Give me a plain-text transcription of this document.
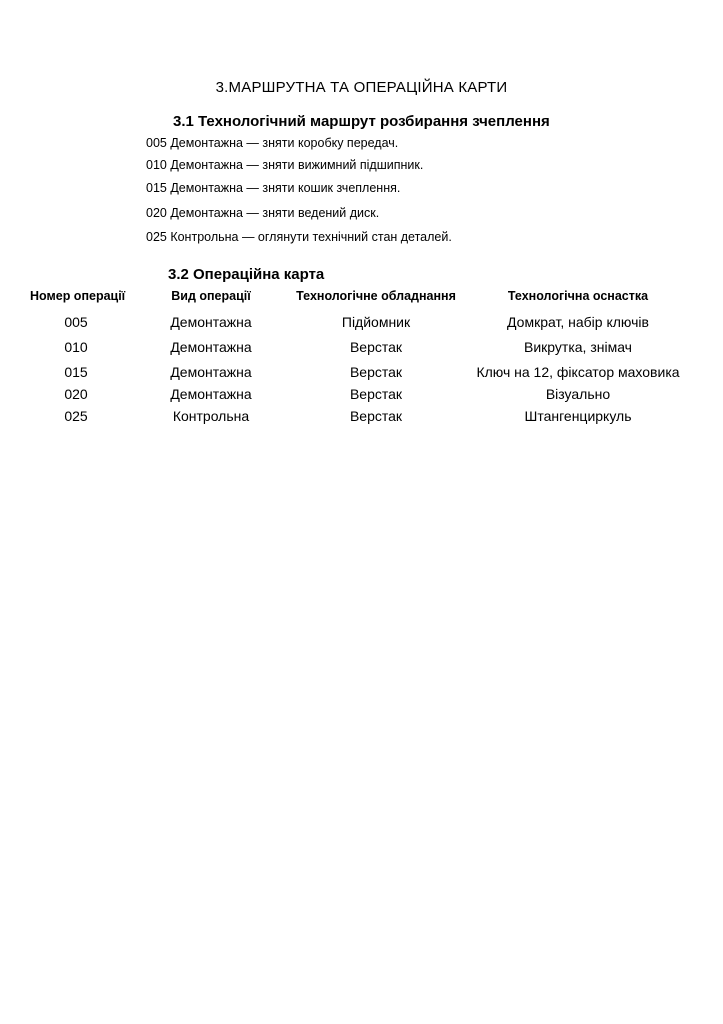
3.МАРШРУТНА ТА ОПЕРАЦІЙНА КАРТИ
3.1 Технологічний маршрут розбирання зчеплення
005 Демонтажна — зняти коробку передач.
010 Демонтажна — зняти вижимний підшипник.
015 Демонтажна — зняти кошик зчеплення.
020 Демонтажна — зняти ведений диск.
025 Контрольна — оглянути технічний стан деталей.
3.2 Операційна карта
Номер операції	Вид операції	Технологічне обладнання	Технологічна оснастка
005	Демонтажна	Підйомник	Домкрат, набір ключів
010	Демонтажна	Верстак	Викрутка, знімач
015	Демонтажна	Верстак	Ключ на 12, фіксатор маховика
020	Демонтажна	Верстак	Візуально
025	Контрольна	Верстак	Штангенциркуль
